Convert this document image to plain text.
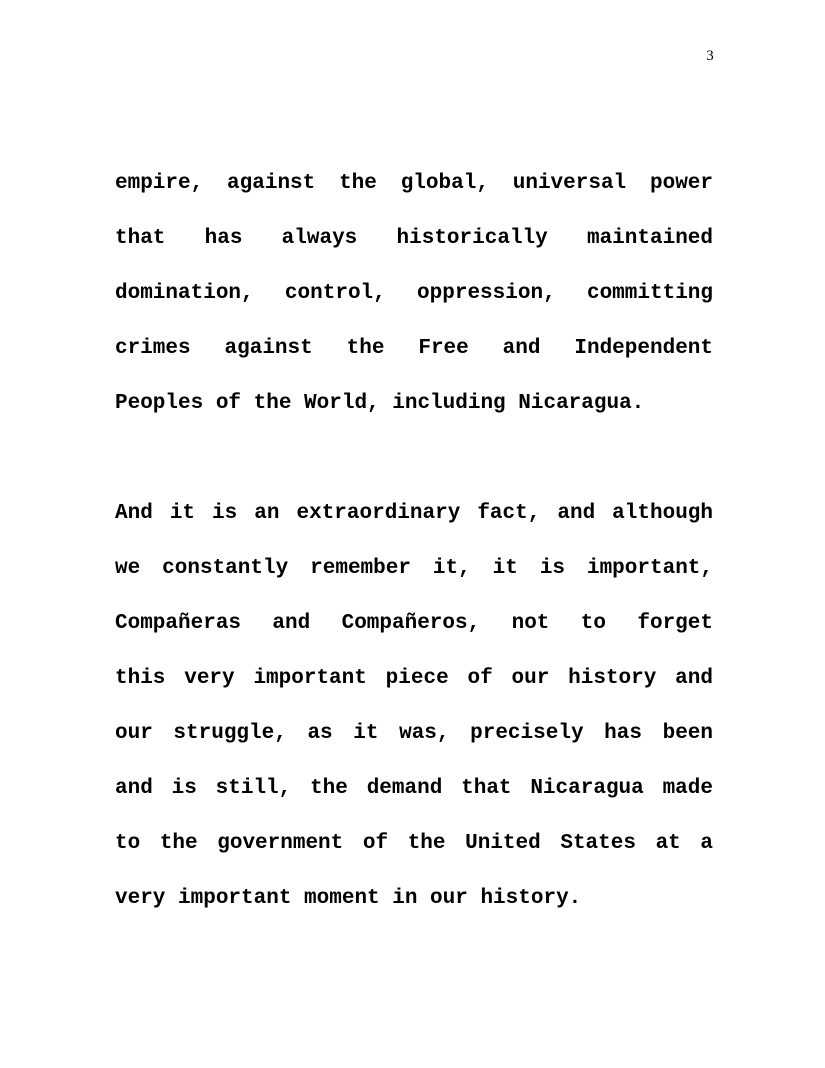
3
empire, against the global, universal power
that has always historically maintained
domination, control, oppression, committing
crimes against the Free and Independent
Peoples of the World, including Nicaragua.
And it is an extraordinary fact, and although
we constantly remember it, it is important,
Compañeras and Compañeros, not to forget
this very important piece of our history and
our struggle, as it was, precisely has been
and is still, the demand that Nicaragua made
to the government of the United States at a
very important moment in our history.
